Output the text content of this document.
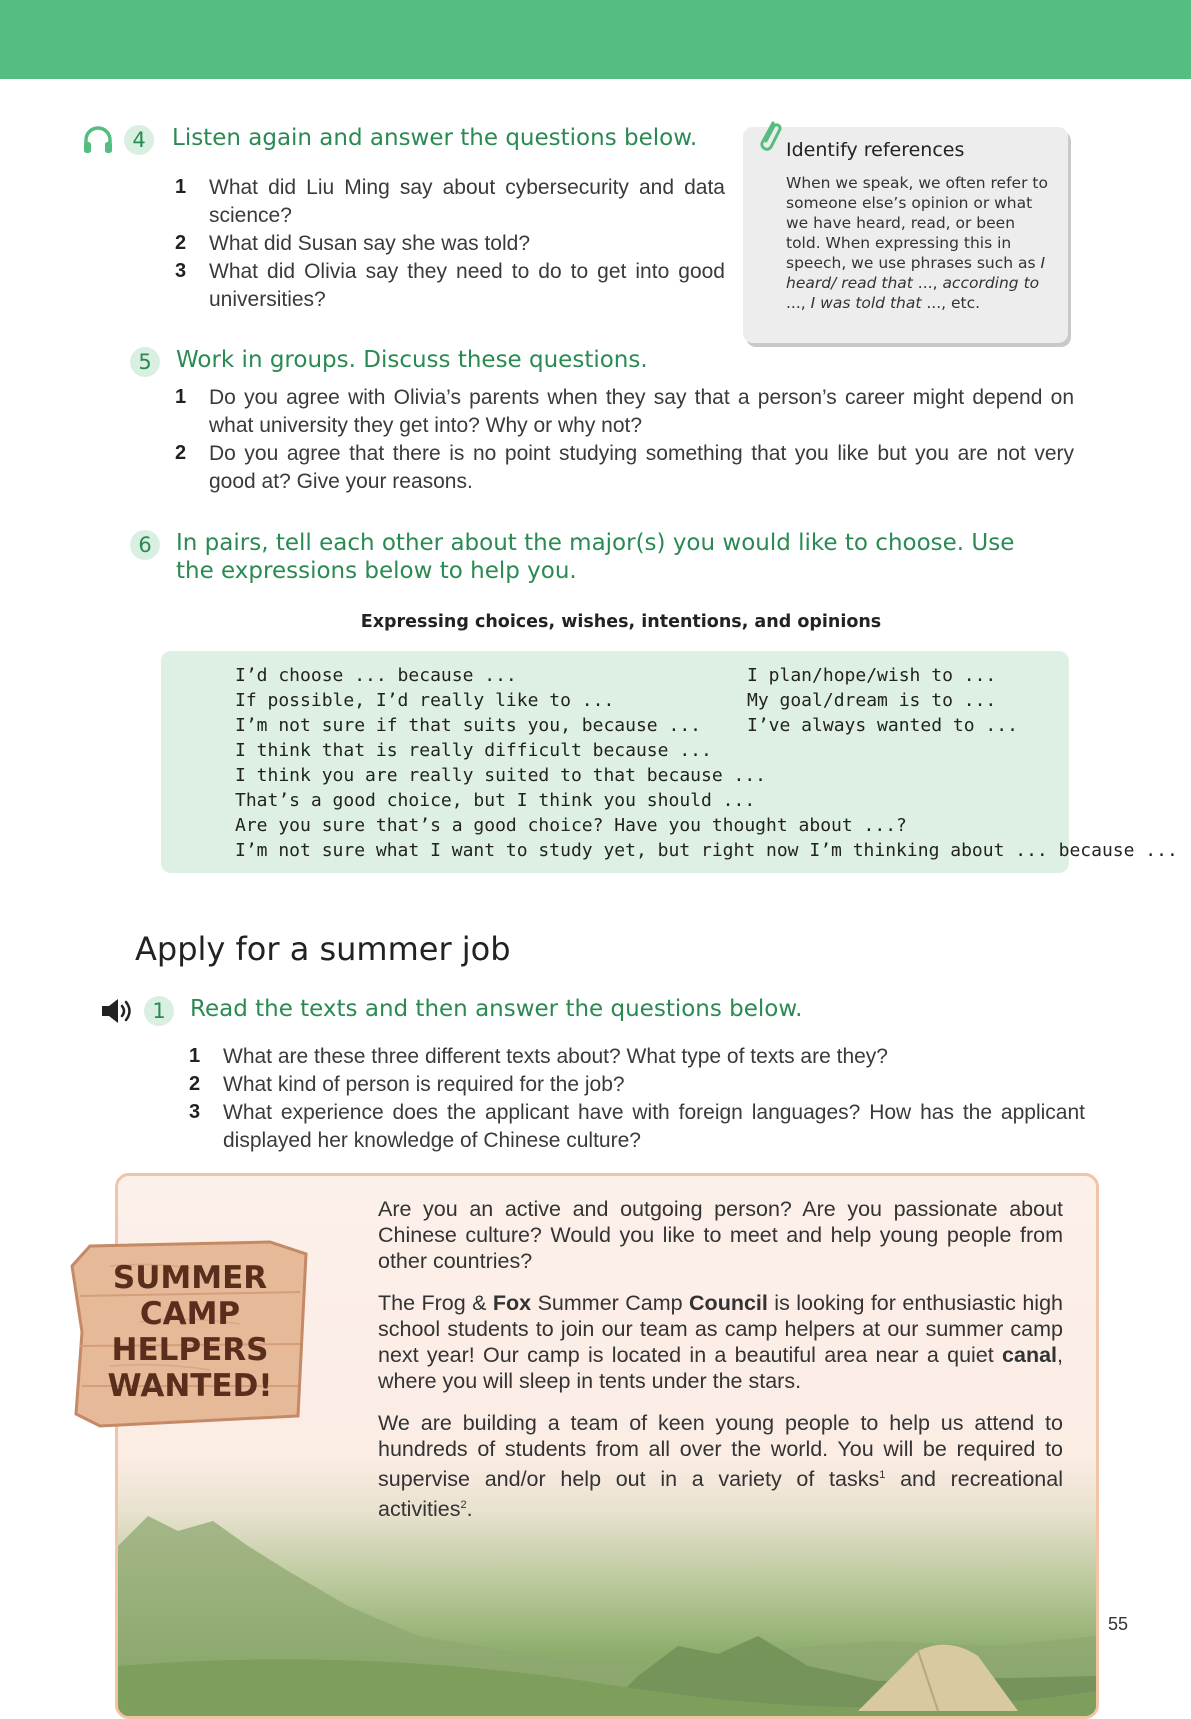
4	Listen again and answer the questions below.
1 What did Liu Ming say about cybersecurity and data science?
2 What did Susan say she was told?
3 What did Olivia say they need to do to get into good universities?
Identify references
When we speak, we often refer to someone else’s opinion or what we have heard, read, or been told. When expressing this in speech, we use phrases such as I heard/ read that ..., according to ..., I was told that ..., etc.
5	Work in groups. Discuss these questions.
1 Do you agree with Olivia’s parents when they say that a person’s career might depend on what university they get into? Why or why not?
2 Do you agree that there is no point studying something that you like but you are not very good at? Give your reasons.
6	In pairs, tell each other about the major(s) you would like to choose. Use the expressions below to help you.
Expressing choices, wishes, intentions, and opinions
I’d choose ... because ...
If possible, I’d really like to ...
I’m not sure if that suits you, because ...
I think that is really difficult because ...
I think you are really suited to that because ...
That’s a good choice, but I think you should ...
Are you sure that’s a good choice? Have you thought about ...?
I’m not sure what I want to study yet, but right now I’m thinking about ... because ...
I plan/hope/wish to ...
My goal/dream is to ...
I’ve always wanted to ...
Apply for a summer job
1	Read the texts and then answer the questions below.
1 What are these three different texts about? What type of texts are they?
2 What kind of person is required for the job?
3 What experience does the applicant have with foreign languages? How has the applicant displayed her knowledge of Chinese culture?

Are you an active and outgoing person? Are you passionate about Chinese culture? Would you like to meet and help young people from other countries?

The Frog & Fox Summer Camp Council is looking for enthusiastic high school students to join our team as camp helpers at our summer camp next year! Our camp is located in a beautiful area near a quiet canal, where you will sleep in tents under the stars.

We are building a team of keen young people to help us attend to hundreds of students from all over the world. You will be required to supervise and/or help out in a variety of tasks$^1$ and recreational activities$^2$.

SUMMER
CAMP
HELPERS
WANTED!
55
